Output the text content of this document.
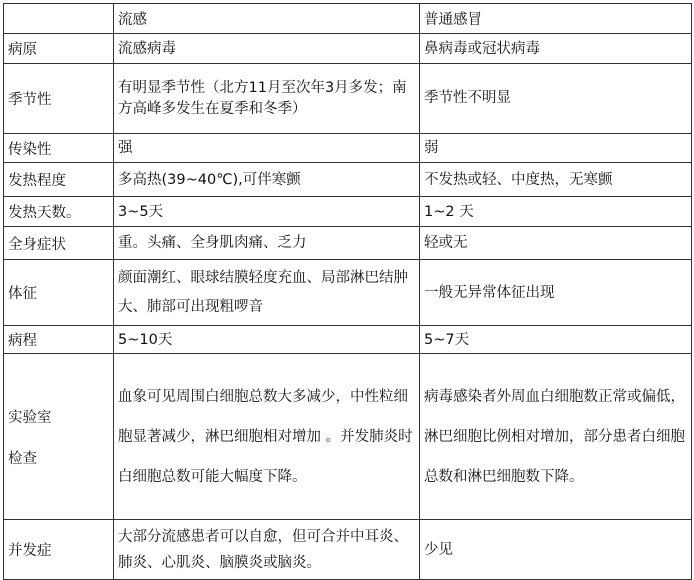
	流感	普通感冒
病原	流感病毒	鼻病毒或冠状病毒
季节性	有明显季节性（北方11月至次年3月多发；南方高峰多发生在夏季和冬季）	季节性不明显
传染性	强	弱
发热程度	多高热(39~40℃),可伴寒颤	不发热或轻、中度热，无寒颤
发热天数。	3~5天	1~2 天
全身症状	重。头痛、全身肌肉痛、乏力	轻或无
体征	颜面潮红、眼球结膜轻度充血、局部淋巴结肿大、肺部可出现粗啰音	一般无异常体征出现
病程	5~10天	5~7天

实验室
检查	血象可见周围白细胞总数大多减少，中性粒细胞显著减少，淋巴细胞相对增加 。并发肺炎时白细胞总数可能大幅度下降。	病毒感染者外周血白细胞数正常或偏低，淋巴细胞比例相对增加，部分患者白细胞总数和淋巴细胞数下降。
并发症	大部分流感患者可以自愈，但可合并中耳炎、肺炎、心肌炎、脑膜炎或脑炎。	少见
